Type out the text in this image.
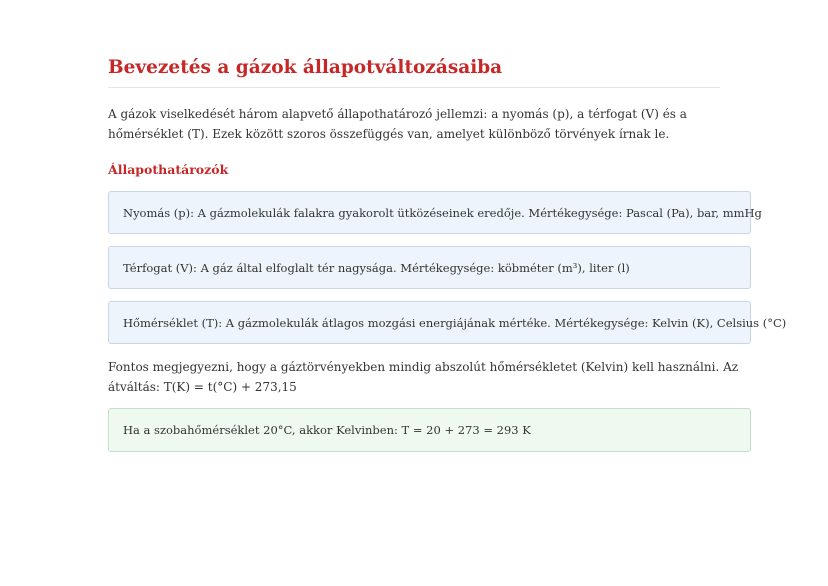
Bevezetés a gázok állapotváltozásaiba

A gázok viselkedését három alapvető állapothatározó jellemzi: a nyomás (p), a térfogat (V) és a hőmérséklet (T). Ezek között szoros összefüggés van, amelyet különböző törvények írnak le.

Állapothatározók
Nyomás (p): A gázmolekulák falakra gyakorolt ütközéseinek eredője. Mértékegysége: Pascal (Pa), bar, mmHg
Térfogat (V): A gáz által elfoglalt tér nagysága. Mértékegysége: köbméter (m³), liter (l)
Hőmérséklet (T): A gázmolekulák átlagos mozgási energiájának mértéke. Mértékegysége: Kelvin (K), Celsius (°C)

Fontos megjegyezni, hogy a gáztörvényekben mindig abszolút hőmérsékletet (Kelvin) kell használni. Az átváltás: T(K) = t(°C) + 273,15

Ha a szobahőmérséklet 20°C, akkor Kelvinben: T = 20 + 273 = 293 K
